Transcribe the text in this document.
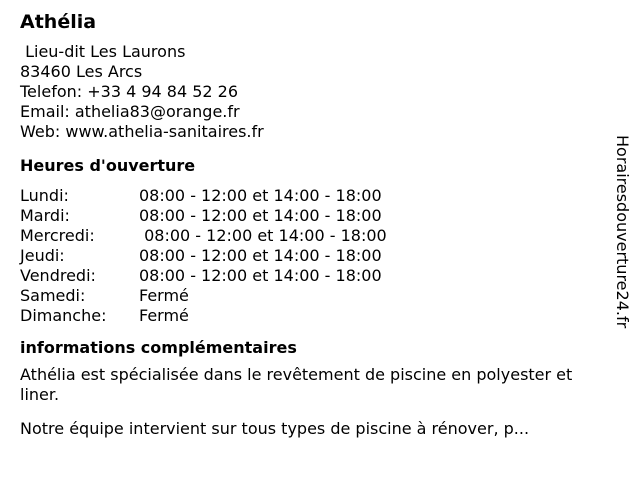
Athélia
Lieu-dit Les Laurons
83460 Les Arcs
Telefon: +33 4 94 84 52 26
Email: athelia83@orange.fr
Web: www.athelia-sanitaires.fr
Heures d'ouverture
Lundi:	08:00 - 12:00 et 14:00 - 18:00
Mardi:	08:00 - 12:00 et 14:00 - 18:00
Mercredi:	08:00 - 12:00 et 14:00 - 18:00
Jeudi:	08:00 - 12:00 et 14:00 - 18:00
Vendredi:	08:00 - 12:00 et 14:00 - 18:00
Samedi:	Fermé
Dimanche:	Fermé
informations complémentaires

Athélia est spécialisée dans le revêtement de piscine en polyester et liner.

Notre équipe intervient sur tous types de piscine à rénover, p...

Horairesdouverture24.fr
